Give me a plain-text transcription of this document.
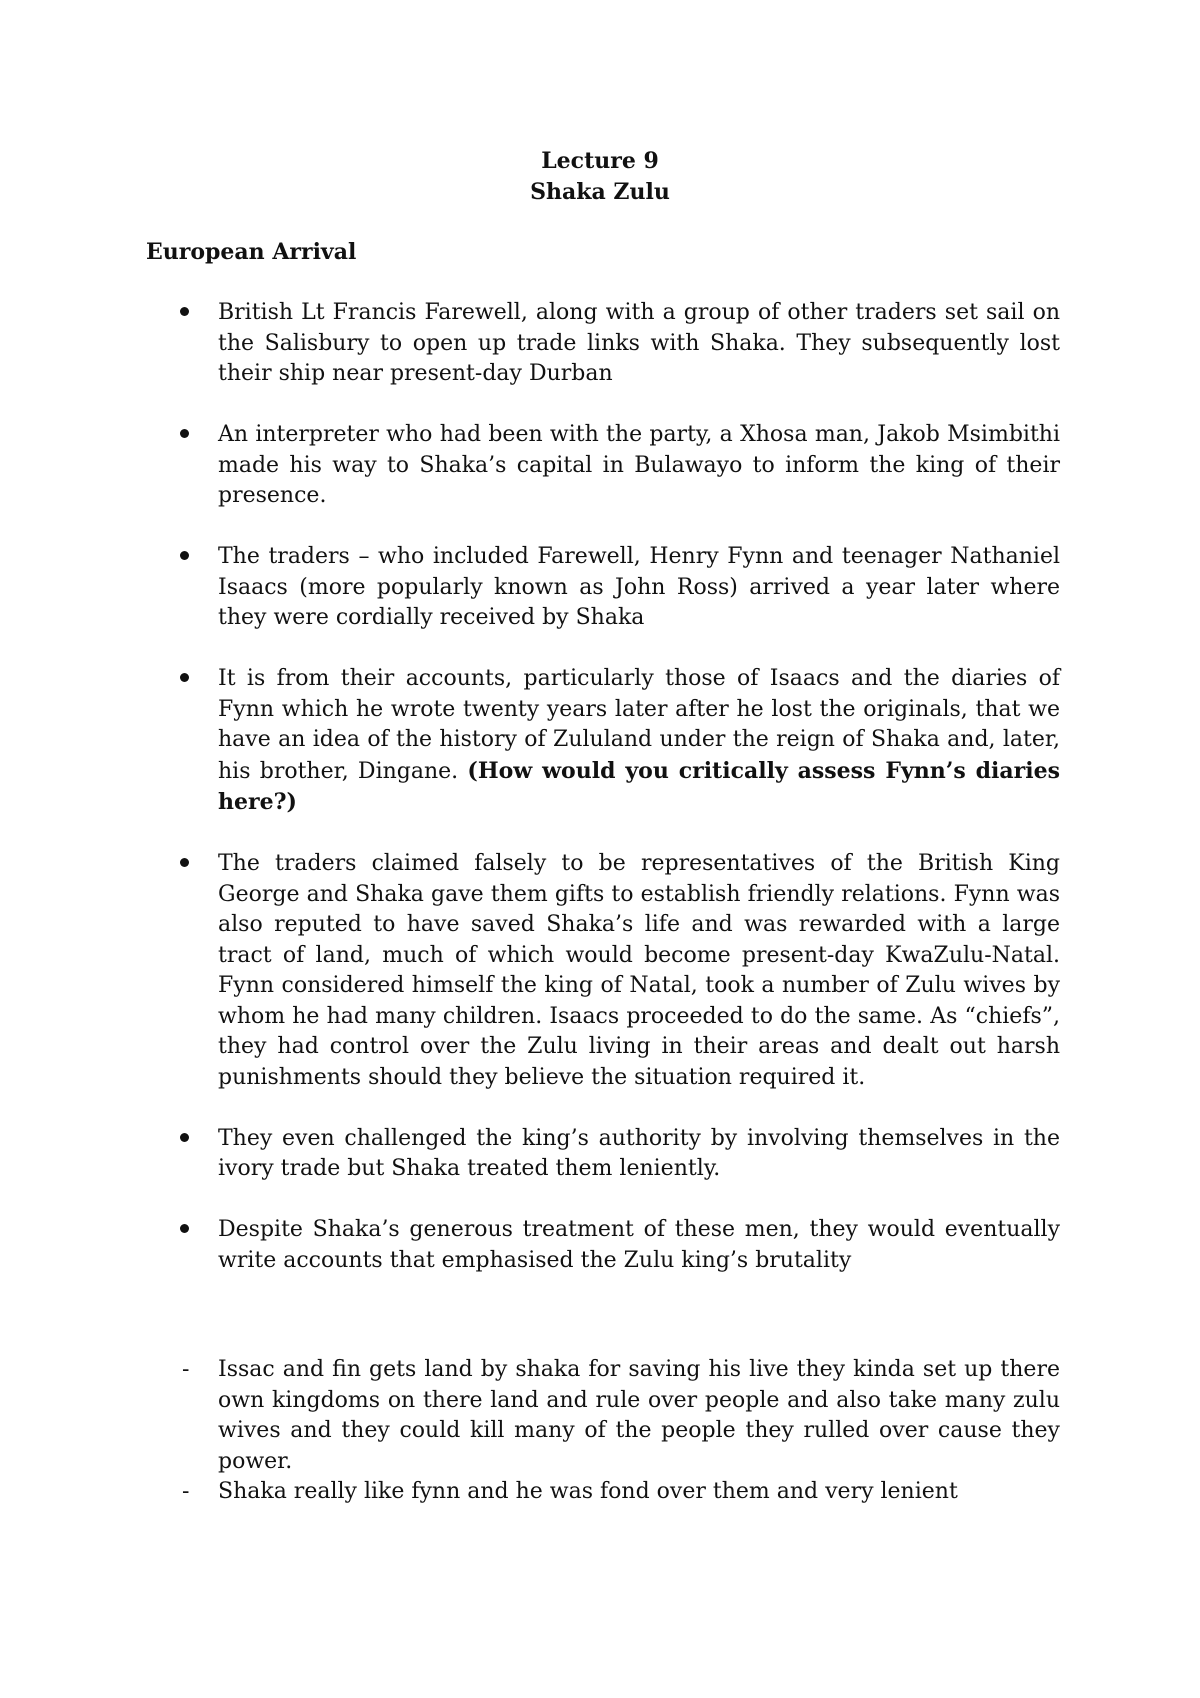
Lecture 9
Shaka Zulu
European Arrival
British Lt Francis Farewell, along with a group of other traders set sail on the Salisbury to open up trade links with Shaka. They subsequently lost their ship near present-day Durban
An interpreter who had been with the party, a Xhosa man, Jakob Msimbithi made his way to Shaka’s capital in Bulawayo to inform the king of their presence.
The traders – who included Farewell, Henry Fynn and teenager Nathaniel Isaacs (more popularly known as John Ross) arrived a year later where they were cordially received by Shaka
It is from their accounts, particularly those of Isaacs and the diaries of Fynn which he wrote twenty years later after he lost the originals, that we have an idea of the history of Zululand under the reign of Shaka and, later, his brother, Dingane. (How would you critically assess Fynn’s diaries here?)
The traders claimed falsely to be representatives of the British King George and Shaka gave them gifts to establish friendly relations. Fynn was also reputed to have saved Shaka’s life and was rewarded with a large tract of land, much of which would become present-day KwaZulu-Natal. Fynn considered himself the king of Natal, took a number of Zulu wives by whom he had many children. Isaacs proceeded to do the same. As “chiefs”, they had control over the Zulu living in their areas and dealt out harsh punishments should they believe the situation required it.
They even challenged the king’s authority by involving themselves in the ivory trade but Shaka treated them leniently.
Despite Shaka’s generous treatment of these men, they would eventually write accounts that emphasised the Zulu king’s brutality
- Issac and fin gets land by shaka for saving his live they kinda set up there own kingdoms on there land and rule over people and also take many zulu wives and they could kill many of the people they rulled over cause they power.
- Shaka really like fynn and he was fond over them and very lenient
